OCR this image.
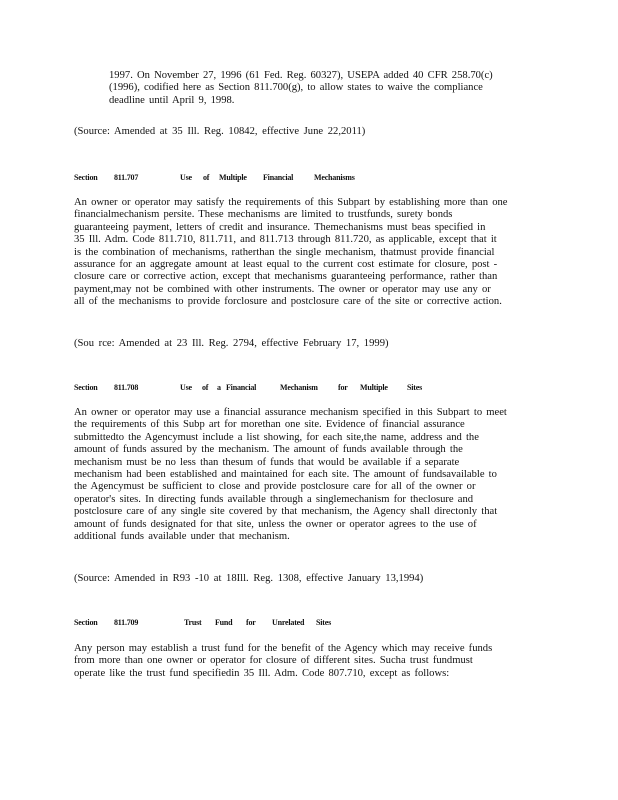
1997. On November 27, 1996 (61 Fed. Reg. 60327), USEPA added 40 CFR 258.70(c)
(1996), codified here as Section 811.700(g), to allow states to waive the compliance
deadline until April 9, 1998.
(Source: Amended at 35 Ill. Reg. 10842, effective June 22,2011)
Section 811.707	Use of Multiple Financial	Mechanisms
An owner or operator may satisfy the requirements of this Subpart by establishing more than one
financialmechanism persite. These mechanisms are limited to trustfunds, surety bonds
guaranteeing payment, letters of credit and insurance. Themechanisms must beas specified in
35 Ill. Adm. Code 811.710, 811.711, and 811.713 through 811.720, as applicable, except that it
is the combination of mechanisms, ratherthan the single mechanism, thatmust provide financial
assurance for an aggregate amount at least equal to the current cost estimate for closure, post -
closure care or corrective action, except that mechanisms guaranteeing performance, rather than
payment,may not be combined with other instruments. The owner or operator may use any or
all of the mechanisms to provide forclosure and postclosure care of the site or corrective action.
(Sou rce: Amended at 23 Ill. Reg. 2794, effective February 17, 1999)
Section 811.708	Use of a Financial	Mechanism	for Multiple Sites
An owner or operator may use a financial assurance mechanism specified in this Subpart to meet
the requirements of this Subp art for morethan one site. Evidence of financial assurance
submittedto the Agencymust include a list showing, for each site,the name, address and the
amount of funds assured by the mechanism. The amount of funds available through the
mechanism must be no less than thesum of funds that would be available if a separate
mechanism had been established and maintained for each site. The amount of fundsavailable to
the Agencymust be sufficient to close and provide postclosure care for all of the owner or
operator's sites. In directing funds available through a singlemechanism for theclosure and
postclosure care of any single site covered by that mechanism, the Agency shall directonly that
amount of funds designated for that site, unless the owner or operator agrees to the use of
additional funds available under that mechanism.
(Source: Amended in R93 -10 at 18Ill. Reg. 1308, effective January 13,1994)
Section 811.709	Trust Fund for Unrelated Sites
Any person may establish a trust fund for the benefit of the Agency which may receive funds
from more than one owner or operator for closure of different sites. Sucha trust fundmust
operate like the trust fund specifiedin 35 Ill. Adm. Code 807.710, except as follows:
